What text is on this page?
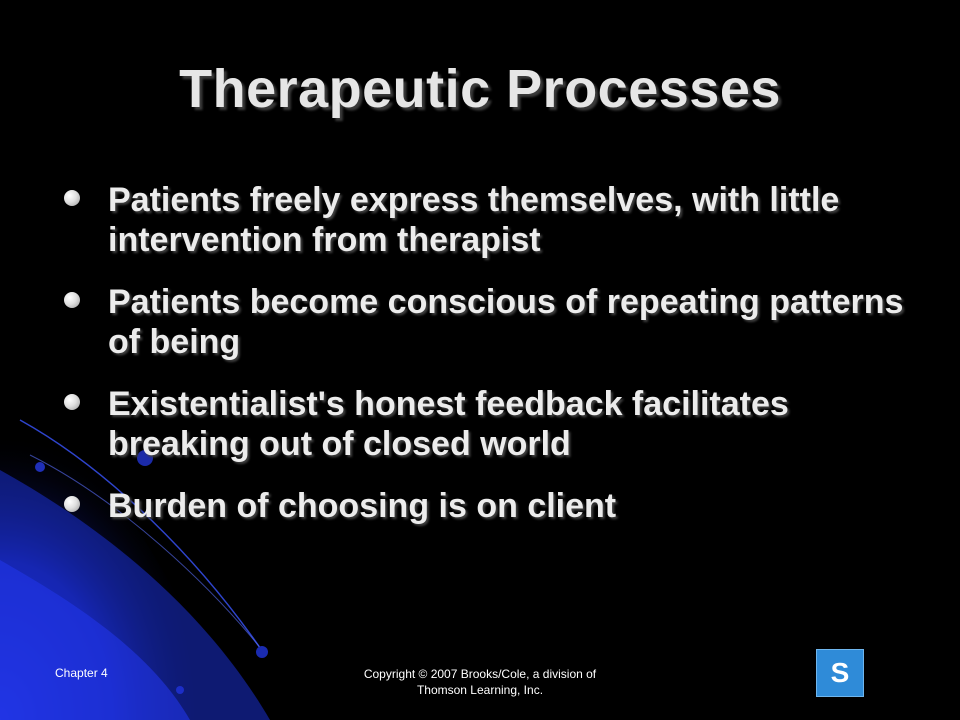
Therapeutic Processes
Patients freely express themselves, with little intervention from therapist
Patients become conscious of repeating patterns of being
Existentialist's honest feedback facilitates breaking out of closed world
Burden of choosing is on client
Chapter 4	Copyright © 2007 Brooks/Cole, a division of
Thomson Learning, Inc.
S
